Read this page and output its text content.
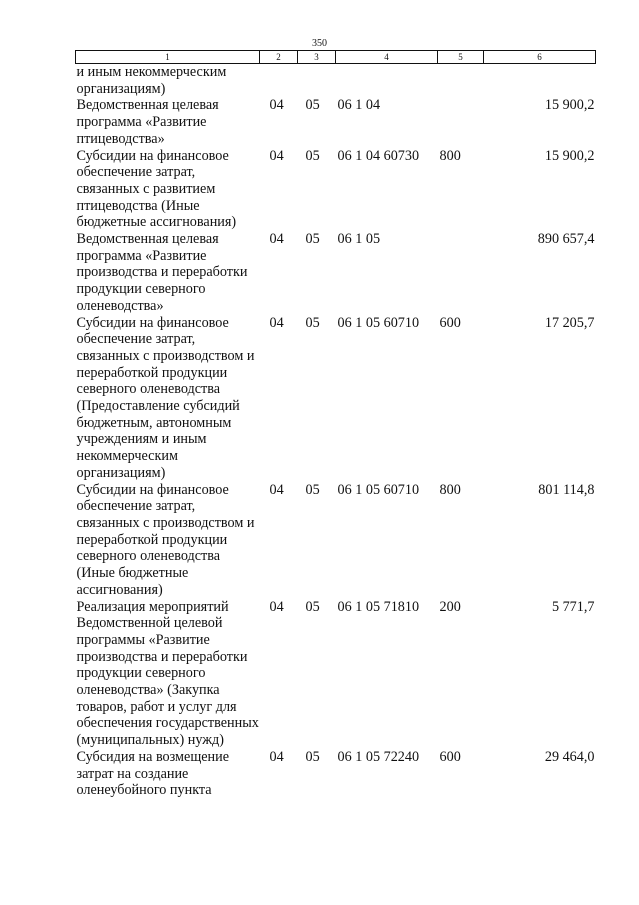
350
1	2	3	4	5	6
и иным некоммерческим организациям)					
Ведомственная целевая программа «Развитие птицеводства»	04	05	06 1 04		15 900,2
Субсидии на финансовое обеспечение затрат, связанных с развитием птицеводства (Иные бюджетные ассигнования)	04	05	06 1 04 60730	800	15 900,2
Ведомственная целевая программа «Развитие производства и переработки продукции северного оленеводства»	04	05	06 1 05		890 657,4
Субсидии на финансовое обеспечение затрат, связанных с производством и переработкой продукции северного оленеводства (Предоставление субсидий бюджетным, автономным учреждениям и иным некоммерческим организациям)	04	05	06 1 05 60710	600	17 205,7
Субсидии на финансовое обеспечение затрат, связанных с производством и переработкой продукции северного оленеводства (Иные бюджетные ассигнования)	04	05	06 1 05 60710	800	801 114,8
Реализация мероприятий Ведомственной целевой программы «Развитие производства и переработки продукции северного оленеводства» (Закупка товаров, работ и услуг для обеспечения государственных (муниципальных) нужд)	04	05	06 1 05 71810	200	5 771,7
Субсидия на возмещение затрат на создание оленеубойного пункта	04	05	06 1 05 72240	600	29 464,0
